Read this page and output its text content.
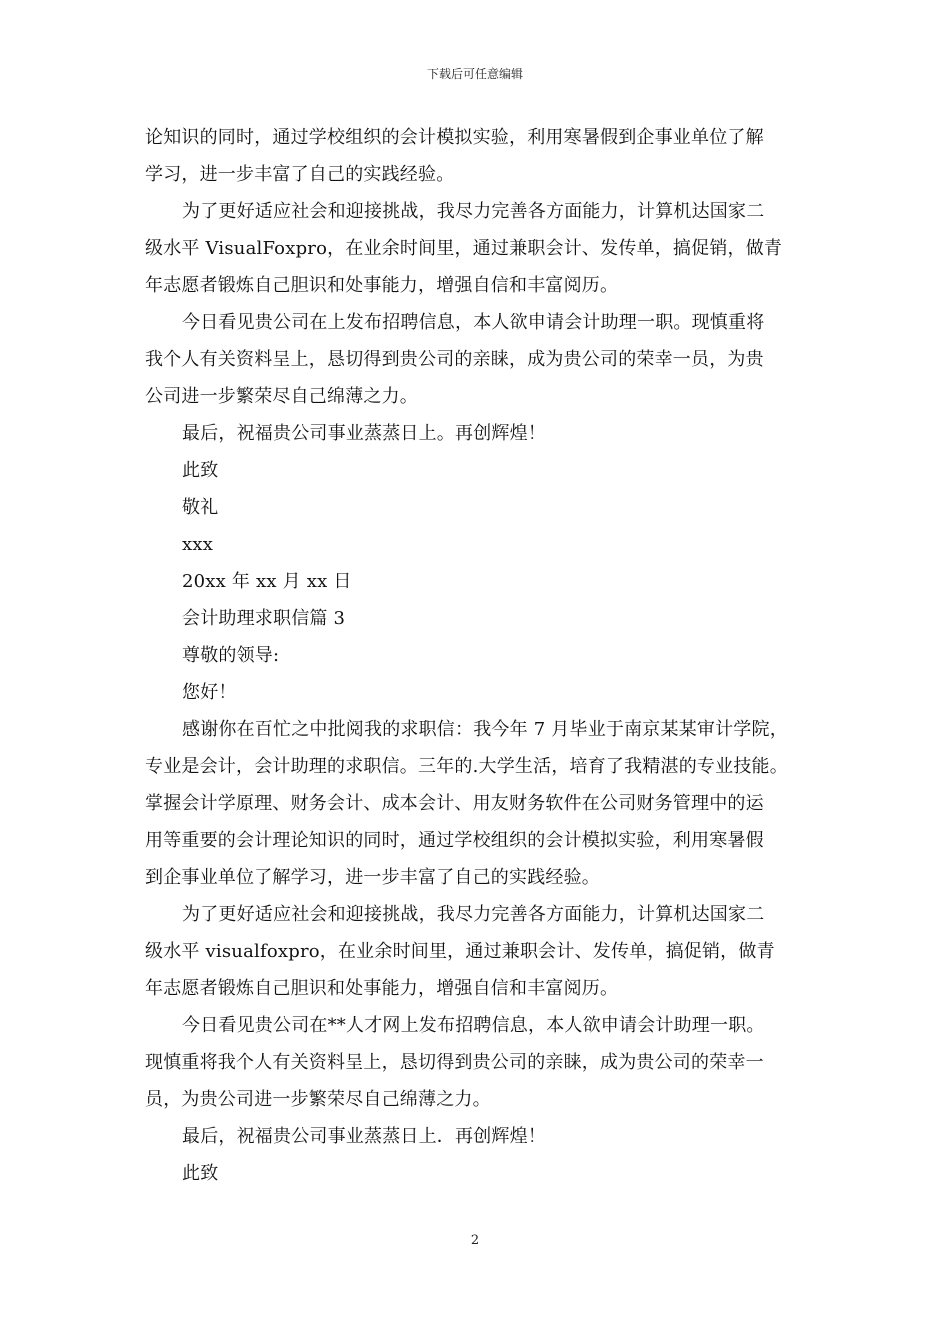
下载后可任意编辑
论知识的同时，通过学校组织的会计模拟实验，利用寒暑假到企事业单位了解
学习，进一步丰富了自己的实践经验。
为了更好适应社会和迎接挑战，我尽力完善各方面能力，计算机达国家二
级水平 VisualFoxpro，在业余时间里，通过兼职会计、发传单，搞促销，做青
年志愿者锻炼自己胆识和处事能力，增强自信和丰富阅历。
今日看见贵公司在上发布招聘信息，本人欲申请会计助理一职。现慎重将
我个人有关资料呈上，恳切得到贵公司的亲睐，成为贵公司的荣幸一员，为贵
公司进一步繁荣尽自己绵薄之力。
最后，祝福贵公司事业蒸蒸日上。再创辉煌！
此致
敬礼
xxx
20xx 年 xx 月 xx 日
会计助理求职信篇 3
尊敬的领导:
您好！
感谢你在百忙之中批阅我的求职信：我今年 7 月毕业于南京某某审计学院，
专业是会计，会计助理的求职信。三年的.大学生活，培育了我精湛的专业技能。
掌握会计学原理、财务会计、成本会计、用友财务软件在公司财务管理中的运
用等重要的会计理论知识的同时，通过学校组织的会计模拟实验，利用寒暑假
到企事业单位了解学习，进一步丰富了自己的实践经验。
为了更好适应社会和迎接挑战，我尽力完善各方面能力，计算机达国家二
级水平 visualfoxpro，在业余时间里，通过兼职会计、发传单，搞促销，做青
年志愿者锻炼自己胆识和处事能力，增强自信和丰富阅历。
今日看见贵公司在**人才网上发布招聘信息，本人欲申请会计助理一职。
现慎重将我个人有关资料呈上，恳切得到贵公司的亲睐，成为贵公司的荣幸一
员，为贵公司进一步繁荣尽自己绵薄之力。
最后，祝福贵公司事业蒸蒸日上．再创辉煌！
此致
2
